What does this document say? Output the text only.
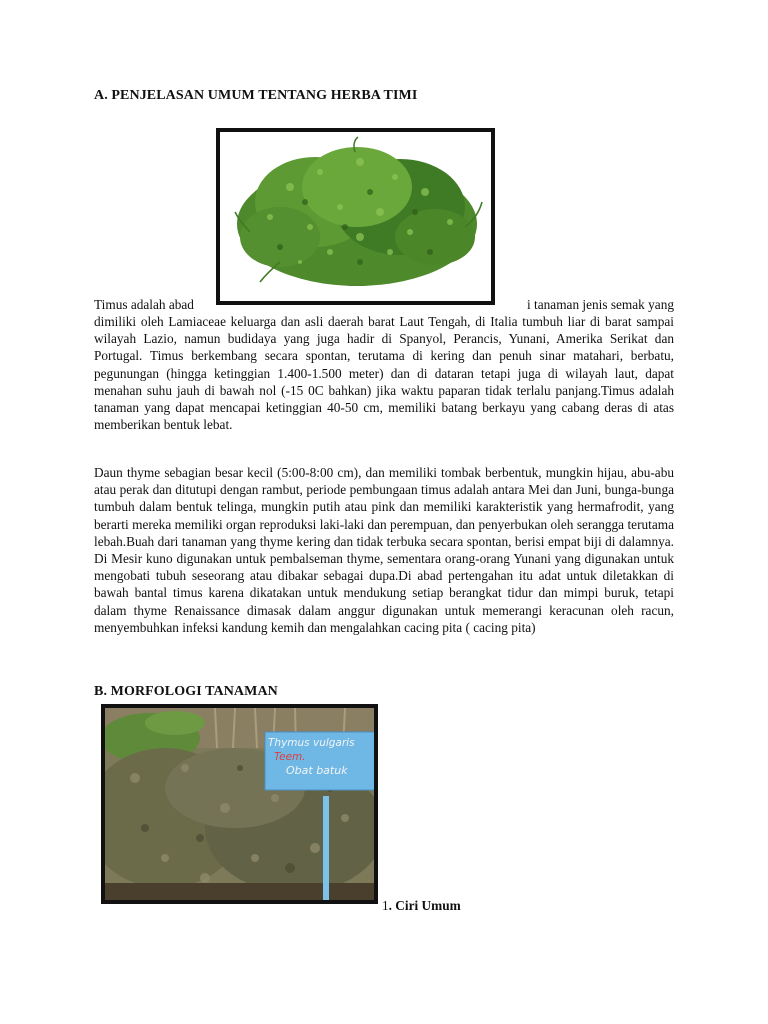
A. PENJELASAN UMUM TENTANG HERBA TIMI
Timus adalah abad	i tanaman jenis semak yang
dimiliki oleh Lamiaceae keluarga dan asli daerah barat Laut Tengah, di Italia tumbuh liar di barat sampai wilayah Lazio, namun budidaya yang juga hadir di Spanyol, Perancis, Yunani, Amerika Serikat dan Portugal. Timus berkembang secara spontan, terutama di kering dan penuh sinar matahari, berbatu, pegunungan (hingga ketinggian 1.400-1.500 meter) dan di dataran tetapi juga di wilayah laut, dapat menahan suhu jauh di bawah nol (-15 0C bahkan) jika waktu paparan tidak terlalu panjang.Timus adalah tanaman yang dapat mencapai ketinggian 40-50 cm, memiliki batang berkayu yang cabang deras di atas memberikan bentuk lebat.
Daun thyme sebagian besar kecil (5:00-8:00 cm), dan memiliki tombak berbentuk, mungkin hijau, abu-abu atau perak dan ditutupi dengan rambut, periode pembungaan timus adalah antara Mei dan Juni, bunga-bunga tumbuh dalam bentuk telinga, mungkin putih atau pink dan memiliki karakteristik yang hermafrodit, yang berarti mereka memiliki organ reproduksi laki-laki dan perempuan, dan penyerbukan oleh serangga terutama lebah.Buah dari tanaman yang thyme kering dan tidak terbuka secara spontan, berisi empat biji di dalamnya. Di Mesir kuno digunakan untuk pembalseman thyme, sementara orang-orang Yunani yang digunakan untuk mengobati tubuh seseorang atau dibakar sebagai dupa.Di abad pertengahan itu adat untuk diletakkan di bawah bantal timus karena dikatakan untuk mendukung setiap berangkat tidur dan mimpi buruk, tetapi dalam thyme Renaissance dimasak dalam anggur digunakan untuk memerangi keracunan oleh racun, menyembuhkan infeksi kandung kemih dan mengalahkan cacing pita ( cacing pita)
B. MORFOLOGI TANAMAN
Thymus vulgaris
Teem.
Obat batuk
1. Ciri Umum
